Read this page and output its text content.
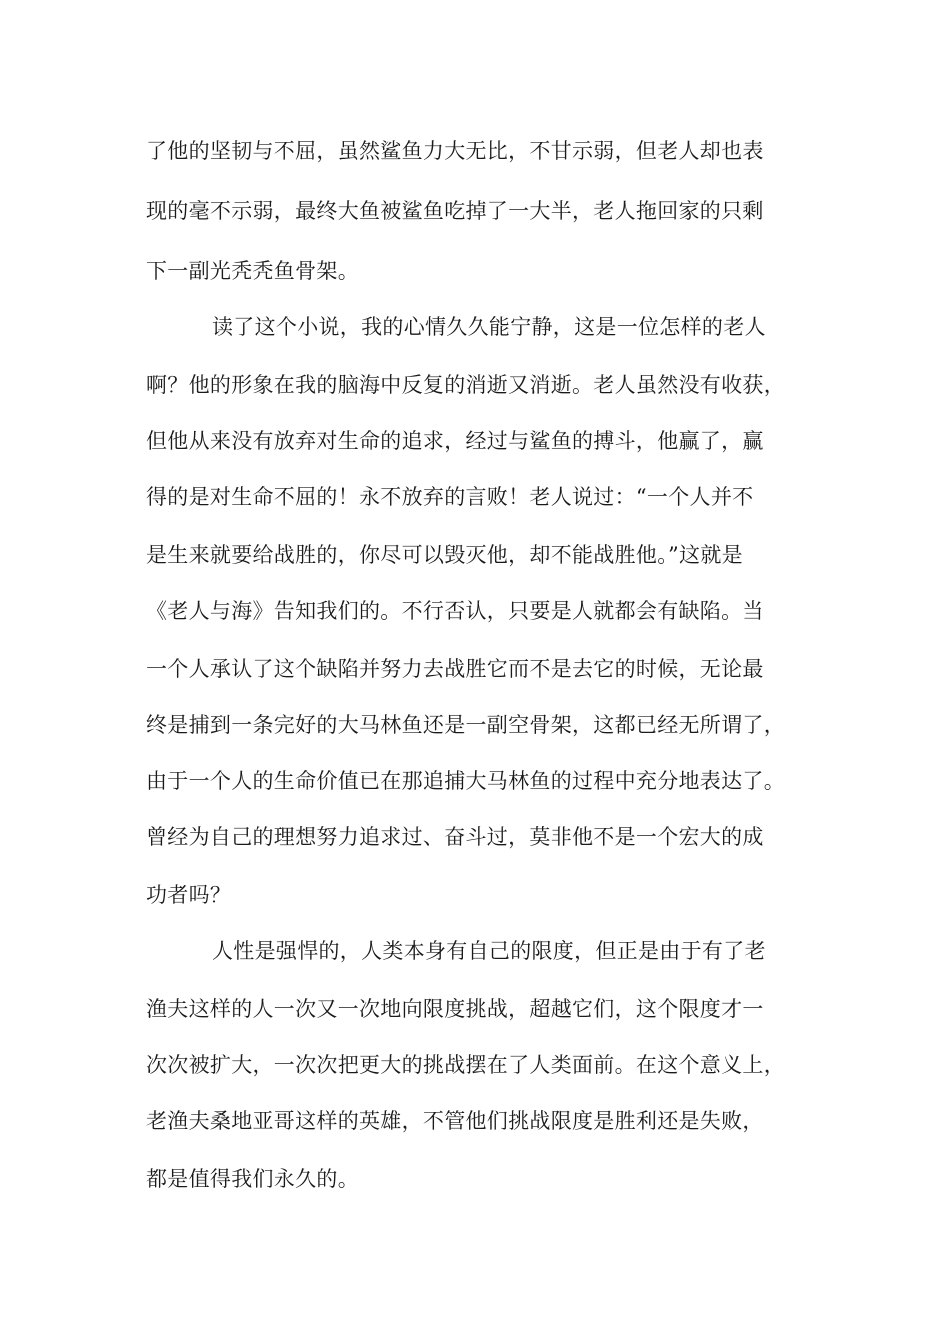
了他的坚韧与不屈，虽然鲨鱼力大无比，不甘示弱，但老人却也表
现的毫不示弱，最终大鱼被鲨鱼吃掉了一大半，老人拖回家的只剩
下一副光秃秃鱼骨架。
读了这个小说，我的心情久久能宁静，这是一位怎样的老人
啊？他的形象在我的脑海中反复的消逝又消逝。老人虽然没有收获，
但他从来没有放弃对生命的追求，经过与鲨鱼的搏斗，他赢了，赢
得的是对生命不屈的！永不放弃的言败！老人说过：“一个人并不
是生来就要给战胜的，你尽可以毁灭他，却不能战胜他。”这就是
《老人与海》告知我们的。不行否认，只要是人就都会有缺陷。当
一个人承认了这个缺陷并努力去战胜它而不是去它的时候，无论最
终是捕到一条完好的大马林鱼还是一副空骨架，这都已经无所谓了，
由于一个人的生命价值已在那追捕大马林鱼的过程中充分地表达了。
曾经为自己的理想努力追求过、奋斗过，莫非他不是一个宏大的成
功者吗？
人性是强悍的，人类本身有自己的限度，但正是由于有了老
渔夫这样的人一次又一次地向限度挑战，超越它们，这个限度才一
次次被扩大，一次次把更大的挑战摆在了人类面前。在这个意义上，
老渔夫桑地亚哥这样的英雄，不管他们挑战限度是胜利还是失败，
都是值得我们永久的。
